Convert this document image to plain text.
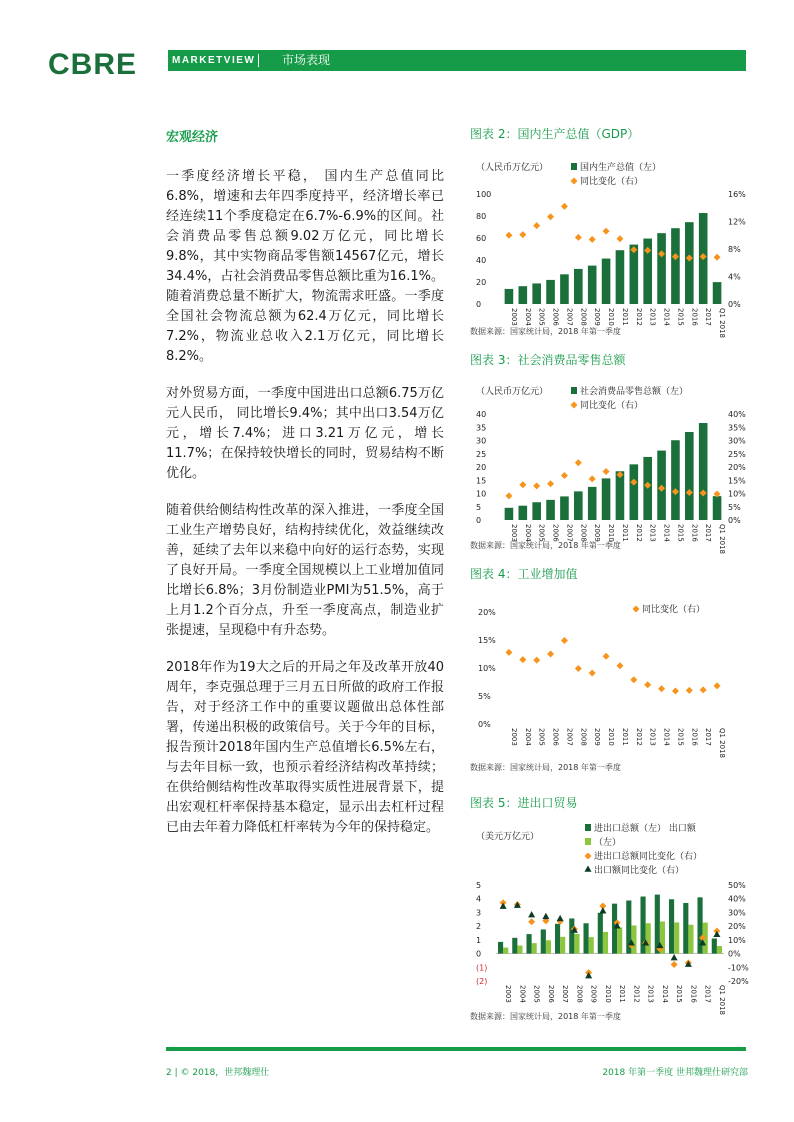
CBRE	MARKETVIEW 市场表现
宏观经济

一季度经济增长平稳， 国内生产总值同比6.8%，增速和去年四季度持平，经济增长率已经连续11个季度稳定在6.7%-6.9%的区间。社会消费品零售总额9.02万亿元，同比增长9.8%，其中实物商品零售额14567亿元，增长34.4%，占社会消费品零售总额比重为16.1%。随着消费总量不断扩大，物流需求旺盛。一季度全国社会物流总额为62.4万亿元，同比增长7.2%，物流业总收入2.1万亿元，同比增长8.2%。

对外贸易方面，一季度中国进出口总额6.75万亿元人民币， 同比增长9.4%；其中出口3.54万亿元，增长7.4%；进口3.21万亿元，增长11.7%；在保持较快增长的同时，贸易结构不断优化。

随着供给侧结构性改革的深入推进，一季度全国工业生产增势良好，结构持续优化，效益继续改善，延续了去年以来稳中向好的运行态势，实现了良好开局。一季度全国规模以上工业增加值同比增长6.8%；3月份制造业PMI为51.5%，高于上月1.2个百分点，升至一季度高点，制造业扩张提速，呈现稳中有升态势。

2018年作为19大之后的开局之年及改革开放40周年，李克强总理于三月五日所做的政府工作报告，对于经济工作中的重要议题做出总体性部署，传递出积极的政策信号。关于今年的目标，报告预计2018年国内生产总值增长6.5%左右，与去年目标一致，也预示着经济结构改革持续；在供给侧结构性改革取得实质性进展背景下，提出宏观杠杆率保持基本稳定，显示出去杠杆过程已由去年着力降低杠杆率转为今年的保持稳定。

图表 2：国内生产总值（GDP）
（人民币万亿元）	国内生产总值（左）
同比变化（右）
0
20
40
60
80
100
0%
4%
8%
12%
16%
2003 2004 2005 2006 2007 2008 2009 2010 2011 2012 2013 2014 2015 2016 2017 Q1 2018
数据来源：国家统计局，2018 年第一季度
图表 3：社会消费品零售总额
（人民币万亿元）	社会消费品零售总额（左）
同比变化（右）
0
5
10
15
20
25
30
35
40
0%
5%
10%
15%
20%
25%
30%
35%
40%
2003 2004 2005 2006 2007 2008 2009 2010 2011 2012 2013 2014 2015 2016 2017 Q1 2018
数据来源：国家统计局，2018 年第一季度
图表 4：工业增加值
同比变化（右）
0%
5%
10%
15%
20%
2003 2004 2005 2006 2007 2008 2009 2010 2011 2012 2013 2014 2015 2016 2017 Q1 2018
数据来源：国家统计局，2018 年第一季度
图表 5：进出口贸易
（美元万亿元）
进出口总额（左） 出口额
（左）
进出口总额同比变化（右）
出口额同比变化（右）
(2)
(1)
0
1
2
3
4
5
-20%
-10%
0%
10%
20%
30%
40%
50%
2003 2004 2005 2006 2007 2008 2009 2010 2011 2012 2013 2014 2015 2016 2017 Q1 2018
数据来源：国家统计局，2018 年第一季度
2 | © 2018，世邦魏理仕	2018 年第一季度 世邦魏理仕研究部
